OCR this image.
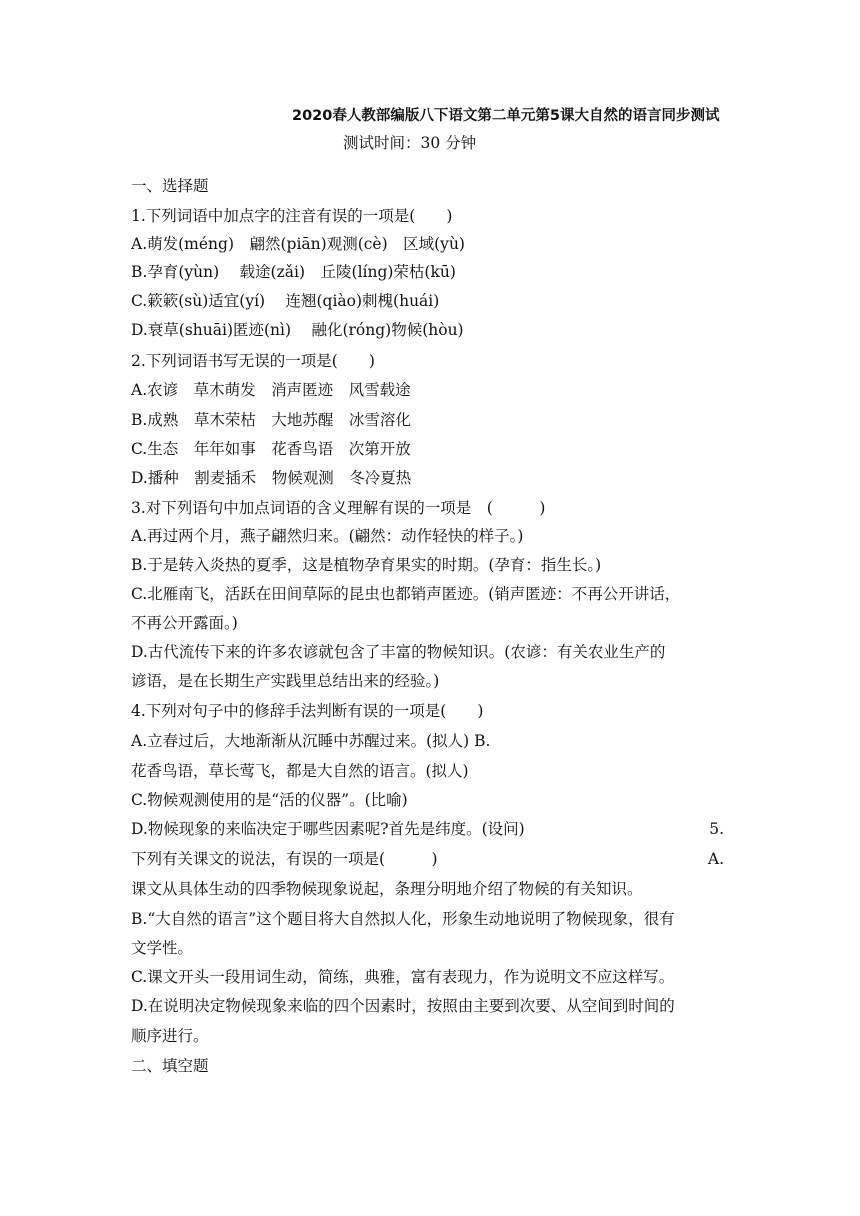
2020春人教部编版八下语文第二单元第5课大自然的语言同步测试
测试时间：30 分钟
一、选择题
1.下列词语中加点字的注音有误的一项是(　　)
A.萌发(méng)　翩然(piān)观测(cè)　区域(yù)
B.孕育(yùn)　 载途(zǎi)　丘陵(líng)荣枯(kū)
C.簌簌(sù)适宜(yí)　 连翘(qiào)刺槐(huái)
D.衰草(shuāi)匿迹(nì)　 融化(róng)物候(hòu)
2.下列词语书写无误的一项是(　　)
A.农谚　草木萌发　消声匿迹　风雪载途
B.成熟　草木荣枯　大地苏醒　冰雪溶化
C.生态　年年如事　花香鸟语　次第开放
D.播种　割麦插禾　物候观测　冬冷夏热
3.对下列语句中加点词语的含义理解有误的一项是　(　　　)
A.再过两个月，燕子翩然归来。(翩然：动作轻快的样子。)
B.于是转入炎热的夏季，这是植物孕育果实的时期。(孕育：指生长。)
C.北雁南飞，活跃在田间草际的昆虫也都销声匿迹。(销声匿迹：不再公开讲话，
不再公开露面。)
D.古代流传下来的许多农谚就包含了丰富的物候知识。(农谚：有关农业生产的
谚语，是在长期生产实践里总结出来的经验。)
4.下列对句子中的修辞手法判断有误的一项是(　　)
A.立春过后，大地渐渐从沉睡中苏醒过来。(拟人) B.
花香鸟语，草长莺飞，都是大自然的语言。(拟人)
C.物候观测使用的是“活的仪器”。(比喻)
D.物候现象的来临决定于哪些因素呢?首先是纬度。(设问)	5.
下列有关课文的说法，有误的一项是(　　　)	A.
课文从具体生动的四季物候现象说起，条理分明地介绍了物候的有关知识。
B.“大自然的语言”这个题目将大自然拟人化，形象生动地说明了物候现象，很有
文学性。
C.课文开头一段用词生动，简练，典雅，富有表现力，作为说明文不应这样写。
D.在说明决定物候现象来临的四个因素时，按照由主要到次要、从空间到时间的
顺序进行。
二、填空题
